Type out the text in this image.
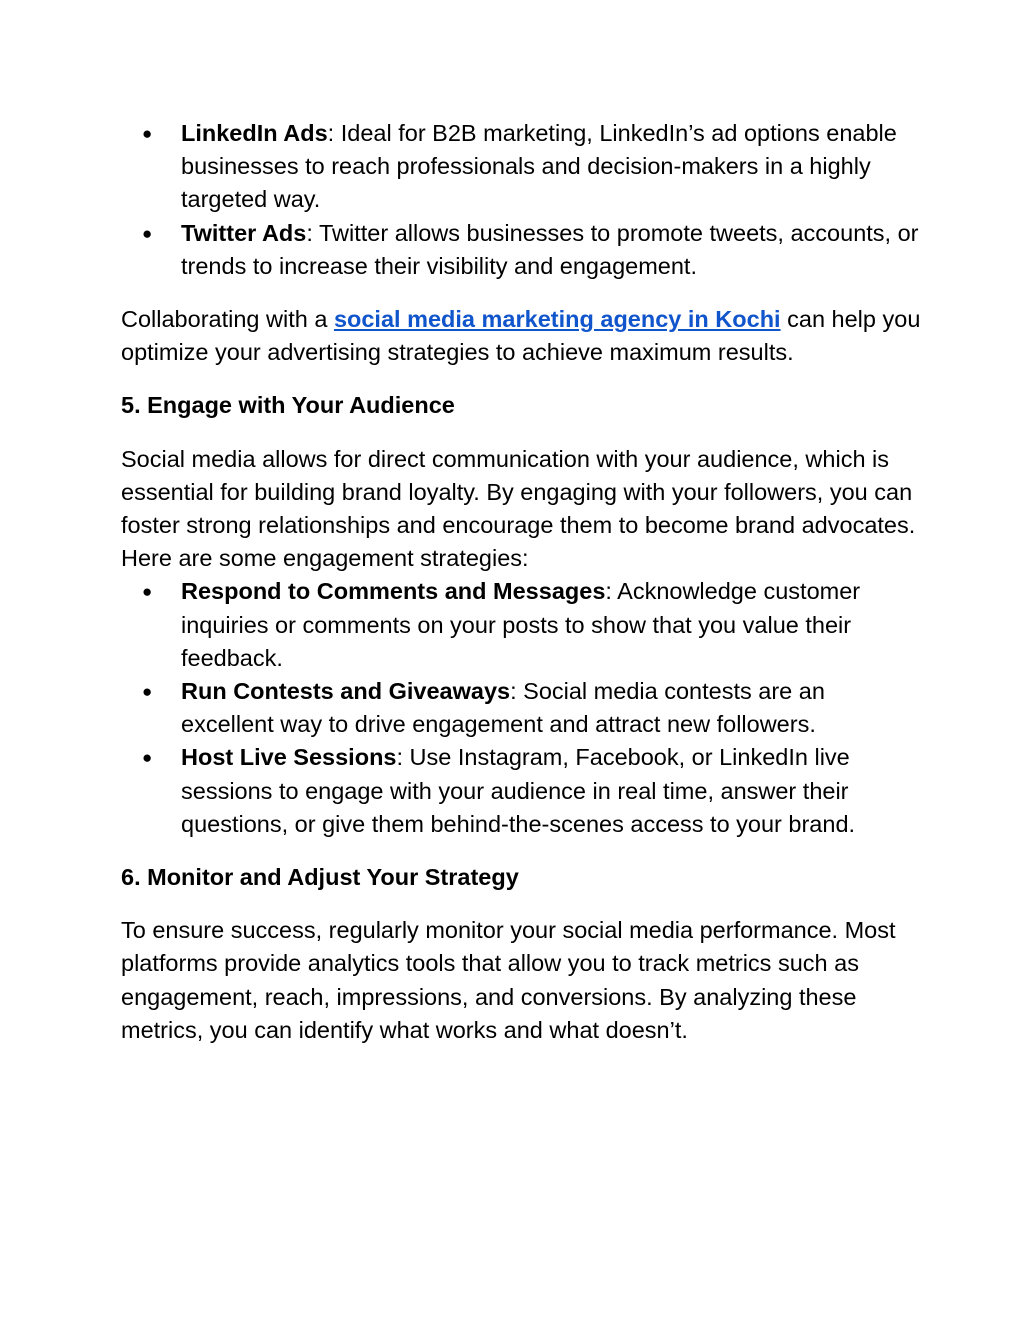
● LinkedIn Ads: Ideal for B2B marketing, LinkedIn’s ad options enable businesses to reach professionals and decision-makers in a highly targeted way.
● Twitter Ads: Twitter allows businesses to promote tweets, accounts, or trends to increase their visibility and engagement.

Collaborating with a social media marketing agency in Kochi can help you optimize your advertising strategies to achieve maximum results.

5. Engage with Your Audience

Social media allows for direct communication with your audience, which is essential for building brand loyalty. By engaging with your followers, you can foster strong relationships and encourage them to become brand advocates. Here are some engagement strategies:

● Respond to Comments and Messages: Acknowledge customer inquiries or comments on your posts to show that you value their feedback.
● Run Contests and Giveaways: Social media contests are an excellent way to drive engagement and attract new followers.
● Host Live Sessions: Use Instagram, Facebook, or LinkedIn live sessions to engage with your audience in real time, answer their questions, or give them behind-the-scenes access to your brand.

6. Monitor and Adjust Your Strategy

To ensure success, regularly monitor your social media performance. Most platforms provide analytics tools that allow you to track metrics such as engagement, reach, impressions, and conversions. By analyzing these metrics, you can identify what works and what doesn’t.
